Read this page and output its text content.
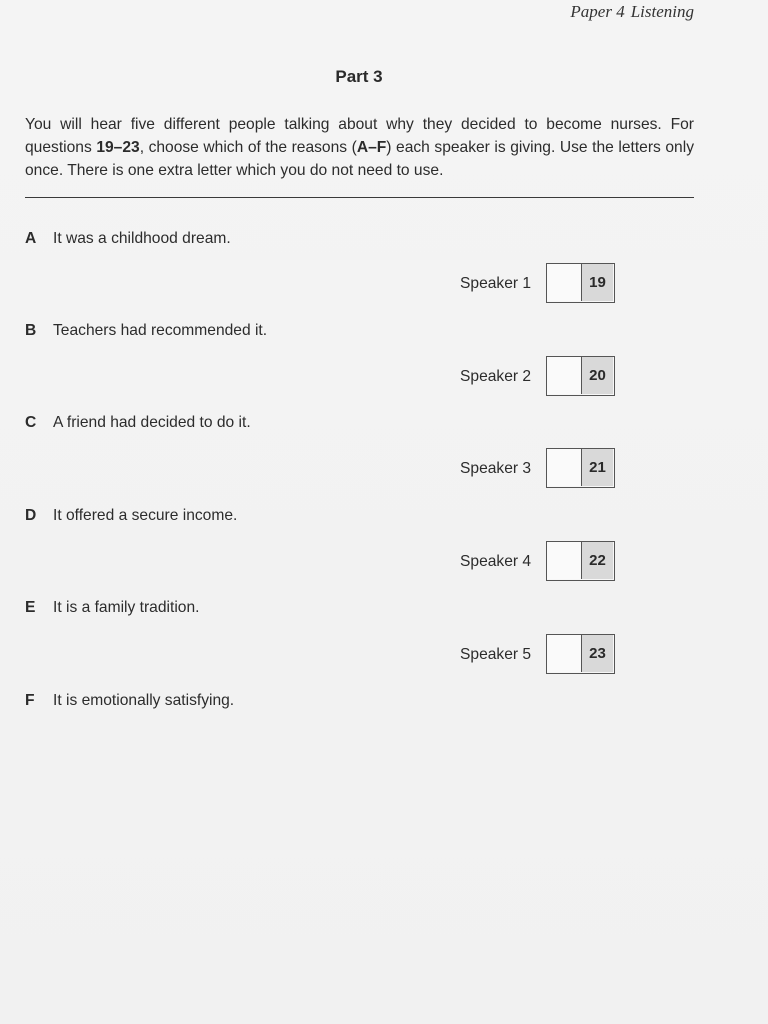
Paper 4 Listening
Part 3
You will hear five different people talking about why they decided to become nurses. For questions 19–23, choose which of the reasons (A–F) each speaker is giving. Use the letters only once. There is one extra letter which you do not need to use.
A It was a childhood dream.
B Teachers had recommended it.
C A friend had decided to do it.
D It offered a secure income.
E It is a family tradition.
F It is emotionally satisfying.
Speaker 1	19
Speaker 2	20
Speaker 3	21
Speaker 4	22
Speaker 5	23
